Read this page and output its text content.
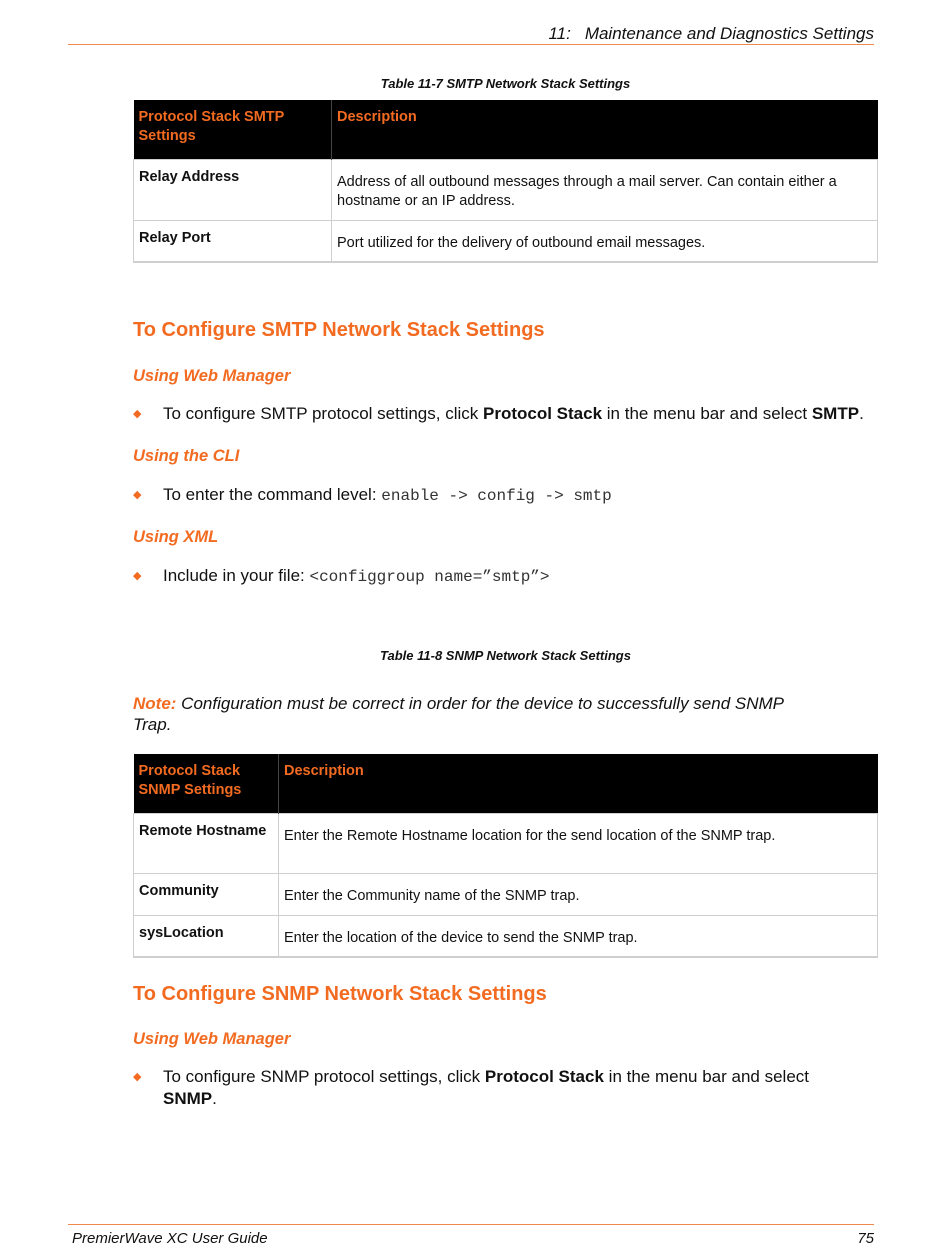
11: Maintenance and Diagnostics Settings
Table 11-7 SMTP Network Stack Settings
Protocol Stack SMTP Settings	Description
Relay Address	Address of all outbound messages through a mail server. Can contain either a hostname or an IP address.
Relay Port	Port utilized for the delivery of outbound email messages.
To Configure SMTP Network Stack Settings
Using Web Manager
◆ To configure SMTP protocol settings, click Protocol Stack in the menu bar and select SMTP.
Using the CLI
◆ To enter the command level: enable -> config -> smtp
Using XML
◆ Include in your file: <configgroup name=”smtp”>
Table 11-8 SNMP Network Stack Settings
Note: Configuration must be correct in order for the device to successfully send SNMP Trap.
Protocol Stack SNMP Settings	Description
Remote Hostname	Enter the Remote Hostname location for the send location of the SNMP trap.
Community	Enter the Community name of the SNMP trap.
sysLocation	Enter the location of the device to send the SNMP trap.
To Configure SNMP Network Stack Settings
Using Web Manager
◆ To configure SNMP protocol settings, click Protocol Stack in the menu bar and select SNMP.
PremierWave XC User Guide	75
